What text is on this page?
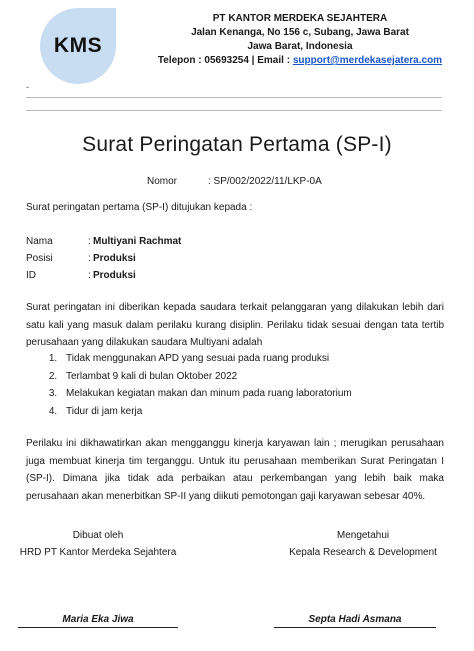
KMS
PT KANTOR MERDEKA SEJAHTERA
Jalan Kenanga, No 156 c, Subang, Jawa Barat
Jawa Barat, Indonesia
Telepon : 05693254 | Email : support@merdekasejatera.com
-
Surat Peringatan Pertama (SP-I)
Nomor	: SP/002/2022/11/LKP-0A
Surat peringatan pertama (SP-I) ditujukan kepada :
Nama	: Multiyani Rachmat
Posisi	: Produksi
ID	: Produksi
Surat peringatan ini diberikan kepada saudara terkait pelanggaran yang dilakukan lebih dari satu kali yang masuk dalam perilaku kurang disiplin. Perilaku tidak sesuai dengan tata tertib perusahaan yang dilakukan saudara Multiyani adalah
1. Tidak menggunakan APD yang sesuai pada ruang produksi
2. Terlambat 9 kali di bulan Oktober 2022
3. Melakukan kegiatan makan dan minum pada ruang laboratorium
4. Tidur di jam kerja
Perilaku ini dikhawatirkan akan mengganggu kinerja karyawan lain ; merugikan perusahaan juga membuat kinerja tim terganggu. Untuk itu perusahaan memberikan Surat Peringatan I (SP-I). Dimana jika tidak ada perbaikan atau perkembangan yang lebih baik maka perusahaan akan menerbitkan SP-II yang diikuti pemotongan gaji karyawan sebesar 40%.
Dibuat oleh
HRD PT Kantor Merdeka Sejahtera
Mengetahui
Kepala Research & Development
Maria Eka Jiwa	Septa Hadi Asmana
